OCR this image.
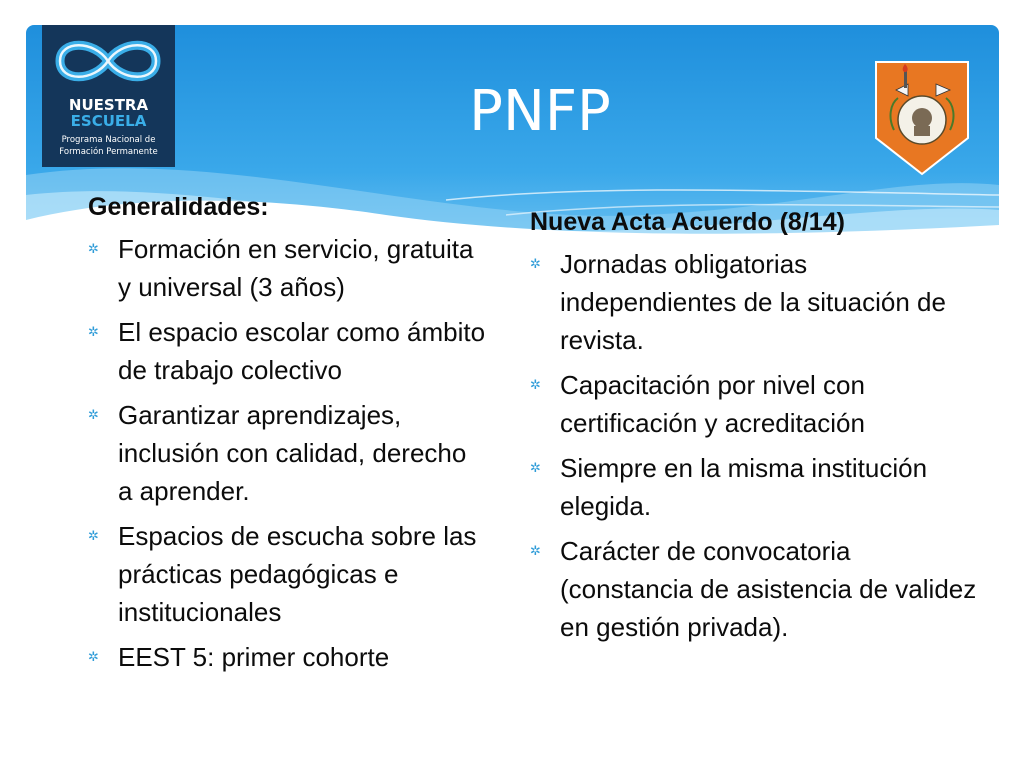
PNFP
NUESTRA
ESCUELA
Programa Nacional de
Formación Permanente
Generalidades:
✲ Formación en servicio, gratuita y universal (3 años)
✲ El espacio escolar como ámbito de trabajo colectivo
✲ Garantizar aprendizajes, inclusión con calidad, derecho a aprender.
✲ Espacios de escucha sobre las prácticas pedagógicas e institucionales
✲ EEST 5: primer cohorte
Nueva Acta Acuerdo (8/14)
✲ Jornadas obligatorias independientes de la situación de revista.
✲ Capacitación por nivel con certificación y acreditación
✲ Siempre en la misma institución elegida.
✲ Carácter de convocatoria (constancia de asistencia de validez en gestión privada).
